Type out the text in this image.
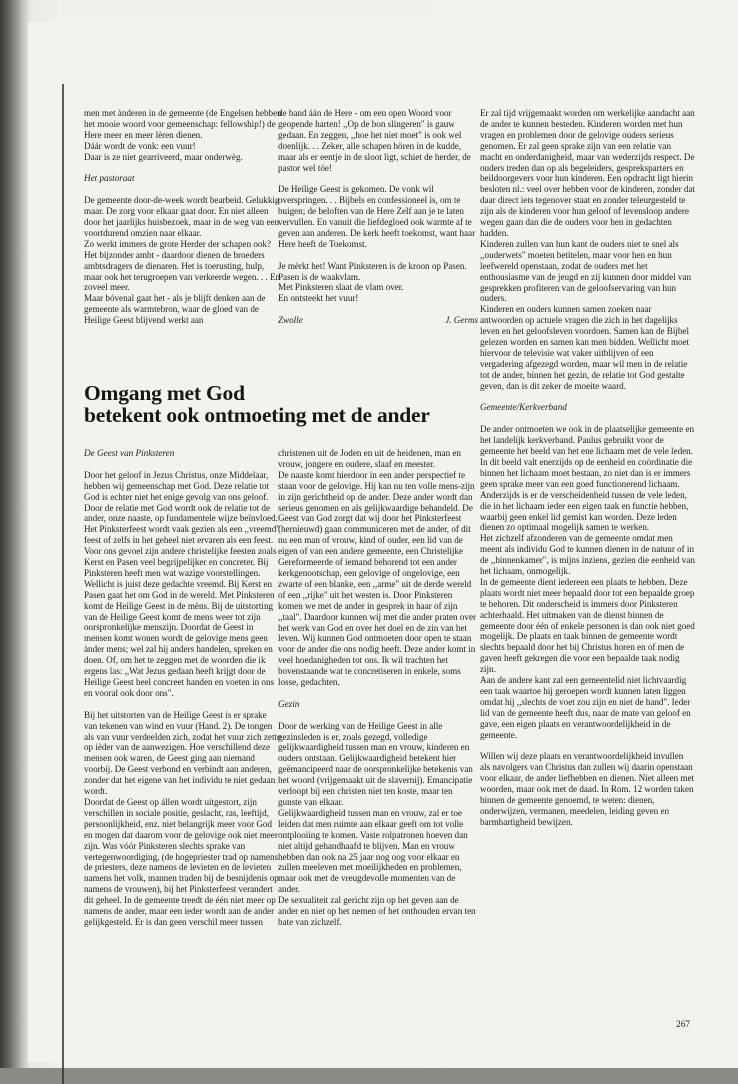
men met ànderen in de gemeente (de Engelsen hebben het mooie woord voor gemeenschap: fellowship!) de Here meer en meer lèren dienen.

Dáár wordt de vonk: een vuur!

Daar is ze niet gearriveerd, maar onderwèg.

Het pastoraat

De gemeente door-de-week wordt bearbeid. Gelukkig maar. De zorg voor elkaar gaat door. En niet alleen door het jaarlijks huisbezoek, maar in de weg van een voortdurend omzien naar elkaar.

Zo werkt immers de grote Herder der schapen ook?

Het bijzonder ambt - daardoor dienen de broeders ambtsdragers de dienaren. Het is toerusting, hulp, maar ook het terugroepen van verkeerde wegen. . . En zoveel meer.

Maar bóvenal gaat het - als je blijft denken aan de gemeente als warmtebron, waar de gloed van de Heilige Geest blijvend werkt aan

de band áán de Here - om een open Woord voor geopende harten! ,,Op de bon slingeren" is gauw gedaan. En zeggen, ,,hoe het niet moet" is ook wel doenlijk. . . Zeker, alle schapen hören in de kudde, maar als er eentje in de sloot ligt, schiet de herder, de pastor wel tóe!

De Heilige Geest is gekomen. De vonk wil overspringen. . . Bijbels en confessioneel is, om te buigen; de beloften van de Here Zelf aan je te laten vervullen. En vanuit die liefdegloed ook warmte af te geven aan anderen. De kerk heeft toekomst, want haar Here heeft de Toekomst.

Je mèrkt het! Want Pinksteren is de kroon op Pasen.

Pasen is de waakvlam.

Met Pinksteren slaat de vlam over.

En ontsteekt het vuur!

Zwolle	J. Germs
Omgang met God
betekent ook ontmoeting met de ander

Er zal tijd vrijgemaakt worden om werkelijke aandacht aan de ander te kunnen besteden. Kinderen worden met hun vragen en problemen door de gelovige ouders serieus genomen. Er zal geen sprake zijn van een relatie van macht en onderdanigheid, maar van wederzijds respect. De ouders treden dan op als begeleiders, gespreksparters en beildoorgevers voor hun kinderen. Een opdracht ligt hierin besloten nl.: veel over hebben voor de kinderen, zonder dat daar direct iets tegenover staat en zonder teleurgesteld te zijn als de kinderen voor hun geloof of levensloop andere wegen gaan dan die de ouders voor hen in gedachten hadden.

Kinderen zullen van hun kant de ouders niet te snel als ,,ouderwets" moeten betitelen, maar voor hen en hun leefwereld openstaan, zodat de ouders met het enthousiasme van de jeugd en zij kunnen door middel van gesprekken profiteren van de geloofservaring van hun ouders.

Kinderen en ouders kunnen samen zoeken naar antwoorden op actuele vragen die zich in het dagelijks leven en het geloofsleven voordoen. Samen kan de Bijbel gelezen worden en samen kan men bidden. Wellicht moet hiervoor de televisie wat vaker uitblijven of een vergadering afgezegd worden, maar wil men in de relatie tot de ander, binnen het gezin, de relatie tot God gestalte geven, dan is dit zeker de moeite waard.

Gemeente/Kerkverband

De ander ontmoeten we ook in de plaatselijke gemeente en het landelijk kerkverband. Paulus gebruikt voor de gemeente het beeld van het ene lichaam met de vele leden. In dit beeld valt enerzijds op de eenheid en coördinatie die binnen het lichaam moet bestaan, zo niet dan is er immers geen sprake meer van een goed functionerend lichaam. Anderzijds is er de verscheidenheid tussen de vele leden, die in het lichaam ieder een eigen taak en functie hebben, waarbij geen enkel lid gemist kan worden. Deze leden dienen zo optimaal mogelijk samen te werken.

Het zichzelf afzonderen van de gemeente omdat men meent als individu God te kunnen dienen in de natuur of in de ,,binnenkamer", is mijns inziens, gezien die eenheid van het lichaam, onmogelijk.

In de gemeente dient iedereen een plaats te hebben. Deze plaats wordt niet meer bepaald door tot een bepaalde groep te behoren. Dit onderscheid is immers door Pinksteren achterhaald. Het uitmaken van de dienst binnen de gemeente door één of enkele personen is dan ook niet goed mogelijk. De plaats en taak binnen de gemeente wordt slechts bepaald door het bij Christus horen en of men de gaven heeft gekregen die voor een bepaalde taak nodig zijn.

Aan de andere kant zal een gemeentelid niet lichtvaardig een taak waartoe hij geroepen wordt kunnen laten liggen omdat hij ,,slechts de voet zou zijn en niet de hand". Ieder lid van de gemeente heeft dus, naar de mate van geloof en gave, een eigen plaats en verantwoordelijkheid in de gemeente.

Willen wij deze plaats en verantwoordelijkheid invullen als navolgers van Christus dan zullen wij daarin openstaan voor elkaar, de ander liefhebben en dienen. Niet alleen met woorden, maar ook met de daad. In Rom. 12 worden taken binnen de gemeente genoemd, te weten: dienen, onderwijzen, vermanen, meedelen, leiding geven en barmhartigheid bewijzen.

De Geest van Pinksteren

Door het geloof in Jezus Christus, onze Middelaar, hebben wij gemeenschap met God. Deze relatie tot God is echter niet het enige gevolg van ons geloof. Door de relatie met God wordt ook de relatie tot de ander, onze naaste, op fundamentele wijze beïnvloed.

Het Pinksterfeest wordt vaak gezien als een ,,vreemd" feest of zelfs in het geheel niet ervaren als een feest. Voor ons gevoel zijn andere christelijke feesten zoals Kerst en Pasen veel begrijpelijker en concreter. Bij Pinksteren heeft men wat wazige voorstellingen. Wellicht is juist deze gedachte vreemd. Bij Kerst en Pasen gaat het om God in de wereld. Met Pinksteren komt de Heilige Geest in de mèns. Bij de uitstorting van de Heilige Geest komt de mens weer tot zijn oorspronkelijke menszijn. Doordat de Geest in mensen komt wonen wordt de gelovige mens geen ànder mens; wel zal hij anders handelen, spreken en doen. Of, om het te zeggen met de woorden die ik ergens las: ,,Wat Jezus gedaan heeft krijgt door de Heilige Geest heel concreet handen en voeten in ons en vooral ook door ons".

Bij het uitstorten van de Heilige Geest is er sprake van tekenen van wind en vuur (Hand. 2). De tongen als van vuur verdeelden zich, zodat het vuur zich zette op ièder van de aanwezigen. Hoe verschillend deze mensen ook waren, de Geest ging aan niemand voorbij. De Geest verbond en verbindt aan anderen, zonder dat het eigene van het individu te niet gedaan wordt.

Doordat de Geest op állen wordt uitgestort, zijn verschillen in sociale positie, geslacht, ras, leeftijd, persoonlijkheid, enz. niet belangrijk meer voor God en mogen dat daarom voor de gelovige ook niet meer zijn. Was vóór Pinksteren slechts sprake van vertegenwoordiging, (de hogepriester trad op namens de priesters, deze namens de levieten en de levieten namens het volk, mannen traden bij de besnijdenis op namens de vrouwen), bij het Pinksterfeest verandert dit geheel. In de gemeente treedt de één niet meer op namens de ander, maar een ieder wordt aan de ander gelijkgesteld. Er is dan geen verschil meer tussen

christenen uit de Joden en uit de heidenen, man en vrouw, jongere en oudere, slaaf en meester.

De naaste komt hierdoor in een ander perspectief te staan voor de gelovige. Hij kan nu ten volle mens-zijn in zijn gerichtheid op de ander. Deze ander wordt dan serieus genomen en als gelijkwaardige behandeld. De Geest van God zorgt dat wij door het Pinksterfeest (hernieuwd) gaan communiceren met de ander, of dit nu een man of vrouw, kind of ouder, een lid van de eigen of van een andere gemeente, een Christelijke Gereformeerde of iemand behorend tot een ander kerkgenootschap, een gelovige of ongelovige, een zwarte of een blanke, een ,,arme" uit de derde wereld of een ,,rijke" uit het westen is. Door Pinksteren komen we met de ander in gesprek in haar of zijn ,,taal". Daardoor kunnen wij met die ander praten over het werk van God en over het doel en de zin van het leven. Wij kunnen God ontmoeten door open te staan voor de ander die ons nodig heeft. Deze ander komt in veel hoedanigheden tot ons. Ik wil trachten het bovenstaande wat te concretiseren in enkele, soms losse, gedachten.

Gezin

Door de werking van de Heilige Geest in alle gezinsleden is er, zoals gezegd, volledige gelijkwaardigheid tussen man en vrouw, kinderen en ouders ontstaan. Gelijkwaardigheid betekent hier geëmancipeerd naar de oorspronkelijke betekenis van het woord (vrijgemaakt uit de slavernij). Emancipatie verloopt bij een christen niet ten koste, maar ten gunste van elkaar.

Gelijkwaardigheid tussen man en vrouw, zal er toe leiden dat men ruimte aan elkaar geeft om tot volle ontplooiing te komen. Vaste rolpatronen hoeven dan niet altijd gehandhaafd te blijven. Man en vrouw hebben dan ook na 25 jaar nog oog voor elkaar en zullen meeleven met moeilijkheden en problemen, maar ook met de vreugdevolle momenten van de ander.

De sexualiteit zal gericht zijn op het geven aan de ander en niet op het nemen of het onthouden ervan ten bate van zichzelf.

267
